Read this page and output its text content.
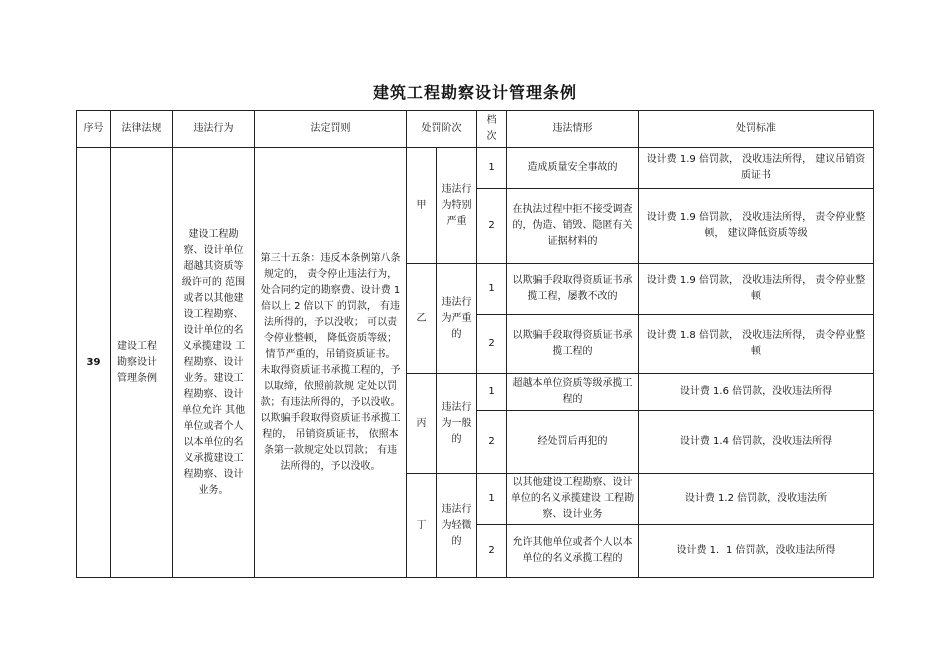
建筑工程勘察设计管理条例
序号	法律法规	违法行为	法定罚则	处罚阶次		档次	违法情形	处罚标准
39	建设工程勘察设计管理条例	建设工程勘察、设计单位超越其资质等级许可的 范围或者以其他建设工程勘察、设计单位的名义承揽建设 工程勘察、设计业务。建设工程勘察、设计单位允许 其他单位或者个人以本单位的名义承揽建设工程勘察、设计业务。	第三十五条：违反本条例第八条规定的， 责令停止违法行为， 处合同约定的勘察费、设计费 1 倍以上 2 倍以下 的罚款， 有违法所得的，予以没收； 可以责令停业整顿， 降低资质等级；情节严重的，吊销资质证书。 未取得资质证书承揽工程的，予以取缔，依照前款规 定处以罚款；有违法所得的，予以没收。 以欺骗手段取得资质证书承揽工程的， 吊销资质证书， 依照本条第一款规定处以罚款； 有违法所得的，予以没收。	甲	违法行为特别严重	1	造成质量安全事故的	设计费 1.9 倍罚款， 没收违法所得， 建议吊销资质证书
						2	在执法过程中拒不接受调查的，伪造、销毁、隐匿有关证据材料的	设计费 1.9 倍罚款， 没收违法所得， 责令停业整顿， 建议降低资质等级
				乙	违法行为严重的	1	以欺骗手段取得资质证书承揽工程，屡教不改的	设计费 1.9 倍罚款， 没收违法所得， 责令停业整顿
						2	以欺骗手段取得资质证书承揽工程的	设计费 1.8 倍罚款， 没收违法所得， 责令停业整顿
				丙	违法行为一般的	1	超越本单位资质等级承揽工程的	设计费 1.6 倍罚款，没收违法所得
						2	经处罚后再犯的	设计费 1.4 倍罚款，没收违法所得
				丁	违法行为轻微的	1	以其他建设工程勘察、设计单位的名义承揽建设 工程勘察、设计业务	设计费 1.2 倍罚款，没收违法所
						2	允许其他单位或者个人以本单位的名义承揽工程的	设计费 1．1 倍罚款，没收违法所得
